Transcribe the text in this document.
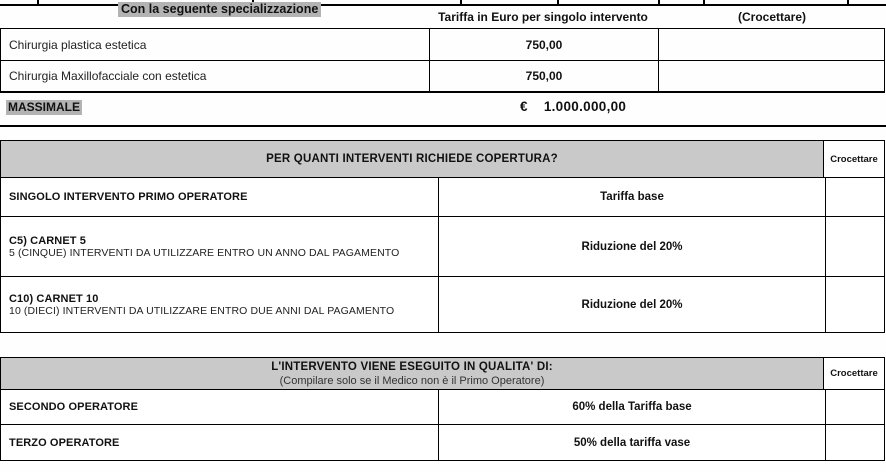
Con la seguente specializzazione
Tariffa in Euro per singolo intervento	(Crocettare)
Chirurgia plastica estetica	750,00
Chirurgia Maxillofacciale con estetica	750,00
MASSIMALE	€ 1.000.000,00
PER QUANTI INTERVENTI RICHIEDE COPERTURA?	Crocettare
SINGOLO INTERVENTO PRIMO OPERATORE	Tariffa base
C5) CARNET 5
5 (CINQUE) INTERVENTI DA UTILIZZARE ENTRO UN ANNO DAL PAGAMENTO	Riduzione del 20%
C10) CARNET 10
10 (DIECI) INTERVENTI DA UTILIZZARE ENTRO DUE ANNI DAL PAGAMENTO	Riduzione del 20%
L'INTERVENTO VIENE ESEGUITO IN QUALITA' DI:
(Compilare solo se il Medico non è il Primo Operatore)
Crocettare
SECONDO OPERATORE	60% della Tariffa base
TERZO OPERATORE	50% della tariffa vase
